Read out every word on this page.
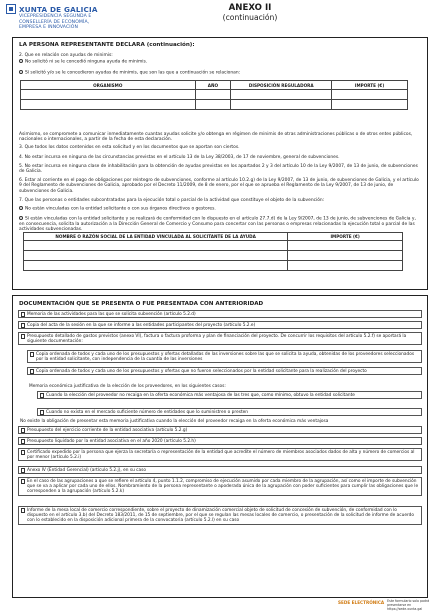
XUNTA DE GALICIA
VICEPRESIDENCIA SEGUNDA E
CONSELLERÍA DE ECONOMÍA,
EMPRESA E INNOVACIÓN
ANEXO II
(continuación)
LA PERSONA REPRESENTANTE DECLARA (continuación):
2. Que en relación con ayudas de minimis:
No solicitó ni se le concedió ninguna ayuda de minimis.
Sí solicitó y/o se le concedieron ayudas de minimis, que son las que a continuación se relacionan:
Asimismo, se compromete a comunicar inmediatamente cuantas ayudas solicite y/o obtenga en régimen de minimis de otras administraciones públicas o de otros entes públicos, nacionales o internacionales, a partir de la fecha de esta declaración.
3. Que todos los datos contenidos en esta solicitud y en los documentos que se aportan son ciertos.
4. No estar incursa en ninguna de las circunstancias previstas en el artículo 13 de la Ley 38/2003, de 17 de noviembre, general de subvenciones.
5. No estar incursa en ninguna clase de inhabilitación para la obtención de ayudas previstas en los apartados 2 y 3 del artículo 10 de la Ley 9/2007, de 13 de junio, de subvenciones de Galicia.
6. Estar al corriente en el pago de obligaciones por reintegro de subvenciones, conforme al artículo 10.2.g) de la Ley 9/2007, de 13 de junio, de subvenciones de Galicia, y el artículo 9 del Reglamento de subvenciones de Galicia, aprobado por el Decreto 11/2009, de 8 de enero, por el que se aprueba el Reglamento de la Ley 9/2007, de 13 de junio, de subvenciones de Galicia.
7. Que las personas o entidades subcontratadas para la ejecución total o parcial de la actividad que constituye el objeto de la subvención:
No están vinculadas con la entidad solicitante o con sus órganos directivos o gestores.
Sí están vinculadas con la entidad solicitante y se realizará de conformidad con lo dispuesto en el artículo 27.7.d) de la Ley 9/2007, de 13 de junio, de subvenciones de Galicia y, en consecuencia, solicita la autorización a la Dirección General de Comercio y Consumo para concertar con las personas o empresas relacionadas la ejecución total o parcial de las actividades subvencionadas.
ORGANISMO	AÑO	DISPOSICIÓN REGULADORA	IMPORTE (€)

NOMBRE O RAZÓN SOCIAL DE LA ENTIDAD VINCULADA AL SOLICITANTE DE LA AYUDA	IMPORTE (€)

DOCUMENTACIÓN QUE SE PRESENTA O FUE PRESENTADA CON ANTERIORIDAD
Memoria de las actividades para las que se solicita subvención (artículo 5.2.d)
Copia del acta de la sesión en la que se informe a las entidades participantes del proyecto (artículo 5.2.e)
Presupuesto detallado de gastos previstos (anexo VI), factura o factura proforma y plan de financiación del proyecto. De concurrir los requisitos del artículo 5.2.f) se aportará la siguiente documentación:
Copia ordenada de todos y cada uno de los presupuestos y ofertas detalladas de las inversiones sobre las que se solicita la ayuda, obtenidas de los proveedores seleccionados por la entidad solicitante, con independencia de la cuantía de las inversiones
Copia ordenada de todos y cada uno de los presupuestos y ofertas que no fueron seleccionados por la entidad solicitante para la realización del proyecto
Memoria económica justificativa de la elección de los proveedores, en los siguientes casos:
Cuando la elección del proveedor no recaiga en la oferta económica más ventajosa de las tres que, como mínimo, obtuvo la entidad solicitante
Cuando no exista en el mercado suficiente número de entidades que lo suministren o presten
No existe la obligación de presentar esta memoria justificativa cuando la elección del proveedor recaiga en la oferta económica más ventajosa
Presupuesto del ejercicio corriente de la entidad asociativa (artículo 5.2.g)
Presupuesto liquidado por la entidad asociativa en el año 2020 (artículo 5.2.h)
Certificado expedido por la persona que ejerza la secretaría o representación de la entidad que acredite el número de miembros asociados dados de alta y número de comercios al por menor (artículo 5.2.i)
Anexo IV (Entidad Gerencial) (artículo 5.2.j), en su caso
En el caso de las agrupaciones a que se refiere el artículo 4, punto 1.1.2, compromiso de ejecución asumido por cada miembro de la agrupación, así como el importe de subvención que se va a aplicar por cada uno de ellos. Nombramiento de la persona representante o apoderada única de la agrupación con poder suficientes para cumplir las obligaciones que le corresponden a la agrupación (artículo 5.2.k)
Informe de la mesa local de comercio correspondiente, sobre el proyecto de dinamización comercial objeto de solicitud de concesión de subvención, de conformidad con lo dispuesto en el artículo 3.b) del Decreto 183/2011, de 15 de septiembre, por el que se regulan las mesas locales de comercio, o presentación de la solicitud de informe de acuerdo con lo establecido en la disposición adicional primera de la convocatoria (artículo 5.2.l) en su caso
SEDE ELECTRÓNICA Este formulario solo podrá presentarse en https://sede.xunta.gal
